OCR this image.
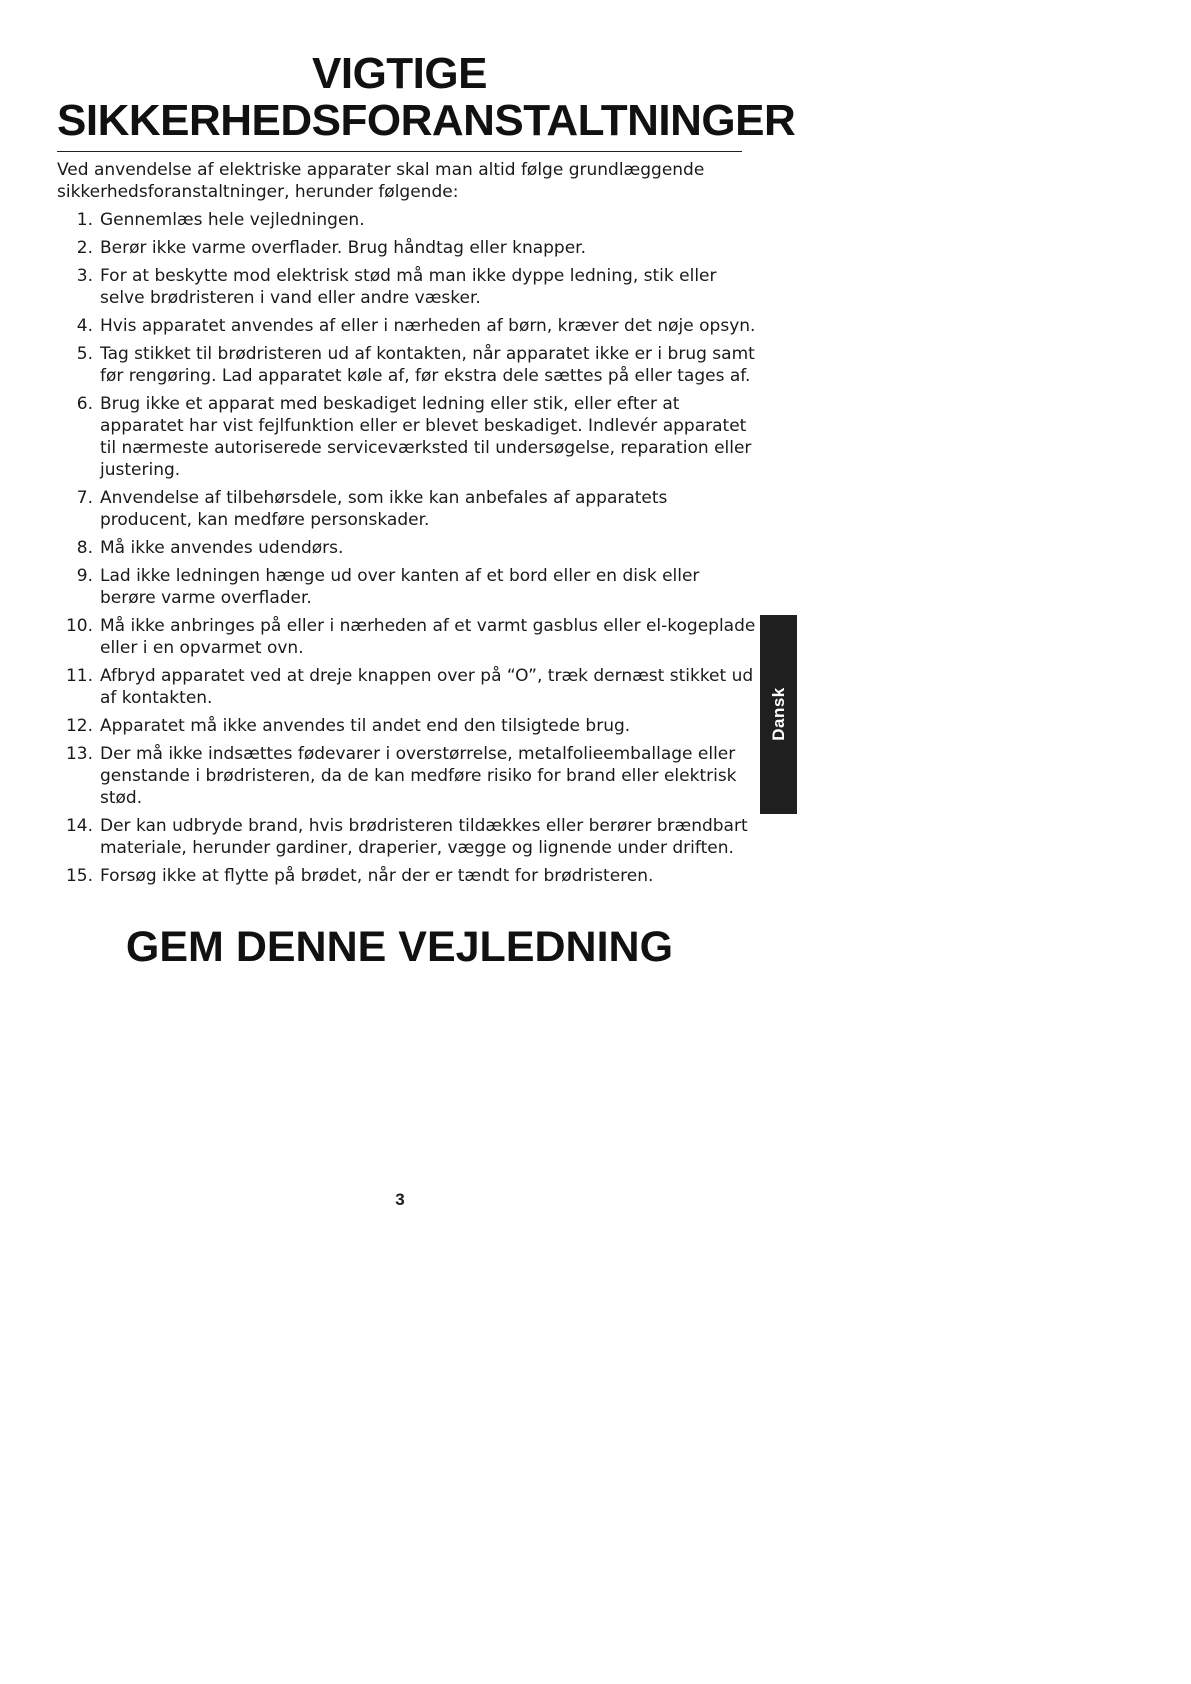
VIGTIGE SIKKERHEDSFORANSTALTNINGER

Ved anvendelse af elektriske apparater skal man altid følge grundlæggende sikkerhedsforanstaltninger, herunder følgende:

1. Gennemlæs hele vejledningen.
2. Berør ikke varme overflader. Brug håndtag eller knapper.
3. For at beskytte mod elektrisk stød må man ikke dyppe ledning, stik eller selve brødristeren i vand eller andre væsker.
4. Hvis apparatet anvendes af eller i nærheden af børn, kræver det nøje opsyn.
5. Tag stikket til brødristeren ud af kontakten, når apparatet ikke er i brug samt før rengøring. Lad apparatet køle af, før ekstra dele sættes på eller tages af.
6. Brug ikke et apparat med beskadiget ledning eller stik, eller efter at apparatet har vist fejlfunktion eller er blevet beskadiget. Indlevér apparatet til nærmeste autoriserede serviceværksted til undersøgelse, reparation eller justering.
7. Anvendelse af tilbehørsdele, som ikke kan anbefales af apparatets producent, kan medføre personskader.
8. Må ikke anvendes udendørs.
9. Lad ikke ledningen hænge ud over kanten af et bord eller en disk eller berøre varme overflader.
10. Må ikke anbringes på eller i nærheden af et varmt gasblus eller el-kogeplade eller i en opvarmet ovn.
11. Afbryd apparatet ved at dreje knappen over på “O”, træk dernæst stikket ud af kontakten.
12. Apparatet må ikke anvendes til andet end den tilsigtede brug.
13. Der må ikke indsættes fødevarer i overstørrelse, metalfolieemballage eller genstande i brødristeren, da de kan medføre risiko for brand eller elektrisk stød.
14. Der kan udbryde brand, hvis brødristeren tildækkes eller berører brændbart materiale, herunder gardiner, draperier, vægge og lignende under driften.
15. Forsøg ikke at flytte på brødet, når der er tændt for brødristeren.
GEM DENNE VEJLEDNING
Dansk
3
